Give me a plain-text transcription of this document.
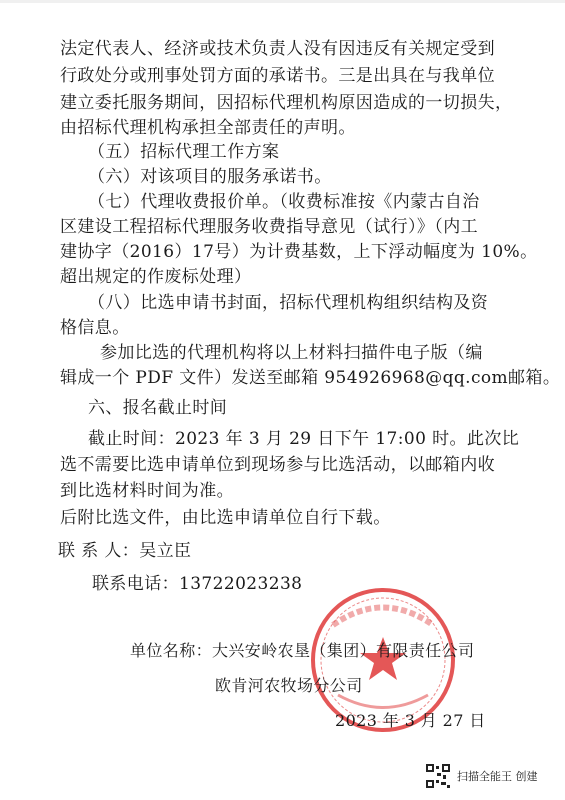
法定代表人、经济或技术负责人没有因违反有关规定受到
行政处分或刑事处罚方面的承诺书。三是出具在与我单位
建立委托服务期间，因招标代理机构原因造成的一切损失，
由招标代理机构承担全部责任的声明。
（五）招标代理工作方案
（六）对该项目的服务承诺书。
（七）代理收费报价单。（收费标准按《内蒙古自治
区建设工程招标代理服务收费指导意见（试行）》（内工
建协字（2016）17号）为计费基数，上下浮动幅度为 10%。
超出规定的作废标处理）
（八）比选申请书封面，招标代理机构组织结构及资
格信息。
参加比选的代理机构将以上材料扫描件电子版（编
辑成一个 PDF 文件）发送至邮箱 954926968@qq.com邮箱。
六、报名截止时间
截止时间：2023 年 3 月 29 日下午 17:00 时。此次比
选不需要比选申请单位到现场参与比选活动，以邮箱内收
到比选材料时间为准。
后附比选文件，由比选申请单位自行下载。
联 系 人：吴立臣
联系电话：13722023238
单位名称：大兴安岭农垦（集团）有限责任公司
欧肯河农牧场分公司
2023 年 3 月 27 日
扫描全能王 创建
